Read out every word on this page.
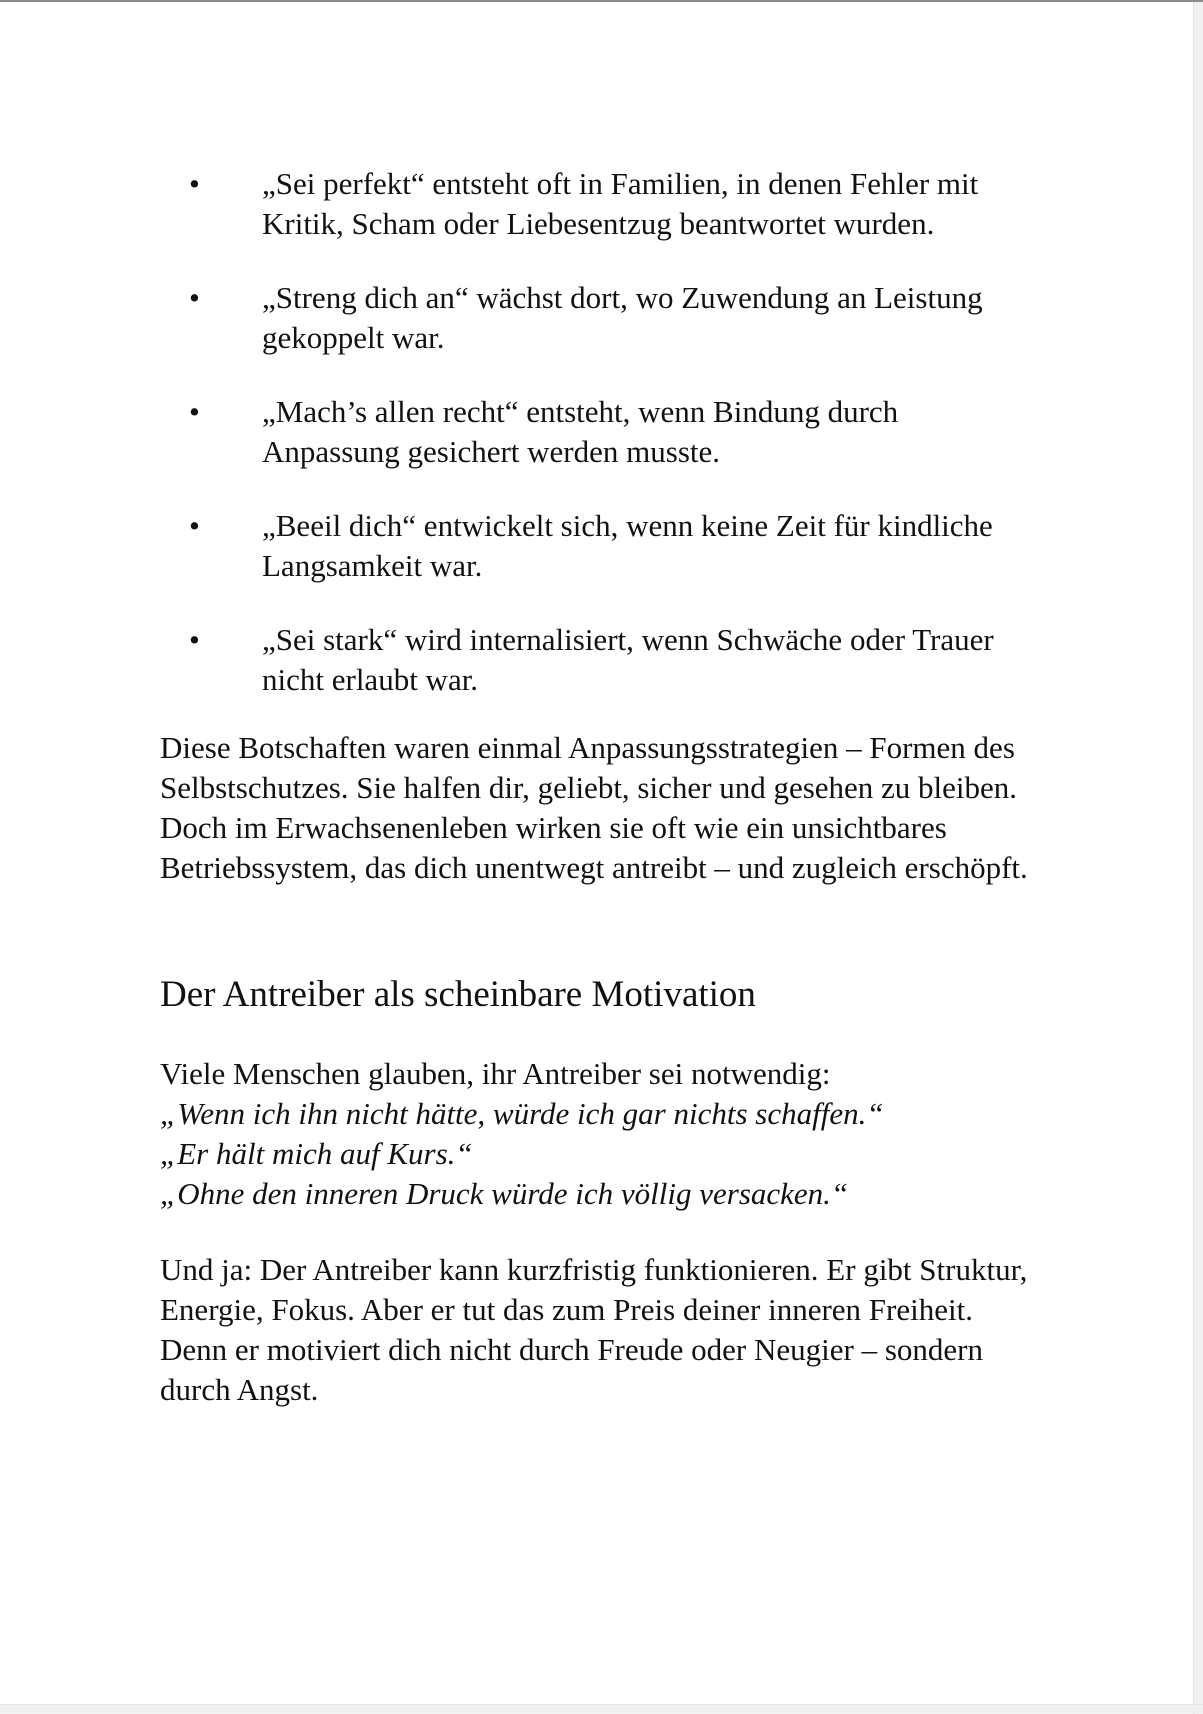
• „Sei perfekt“ entsteht oft in Familien, in denen Fehler mit Kritik, Scham oder Liebesentzug beantwortet wurden.
• „Streng dich an“ wächst dort, wo Zuwendung an Leistung gekoppelt war.
• „Mach’s allen recht“ entsteht, wenn Bindung durch Anpassung gesichert werden musste.
• „Beeil dich“ entwickelt sich, wenn keine Zeit für kindliche Langsamkeit war.
• „Sei stark“ wird internalisiert, wenn Schwäche oder Trauer nicht erlaubt war.

Diese Botschaften waren einmal Anpassungsstrategien – Formen des Selbstschutzes. Sie halfen dir, geliebt, sicher und gesehen zu bleiben. Doch im Erwachsenenleben wirken sie oft wie ein unsichtbares Betriebssystem, das dich unentwegt antreibt – und zugleich erschöpft.

Der Antreiber als scheinbare Motivation
Viele Menschen glauben, ihr Antreiber sei notwendig:
„Wenn ich ihn nicht hätte, würde ich gar nichts schaffen.“
„Er hält mich auf Kurs.“
„Ohne den inneren Druck würde ich völlig versacken.“

Und ja: Der Antreiber kann kurzfristig funktionieren. Er gibt Struktur, Energie, Fokus. Aber er tut das zum Preis deiner inneren Freiheit. Denn er motiviert dich nicht durch Freude oder Neugier – sondern durch Angst.
